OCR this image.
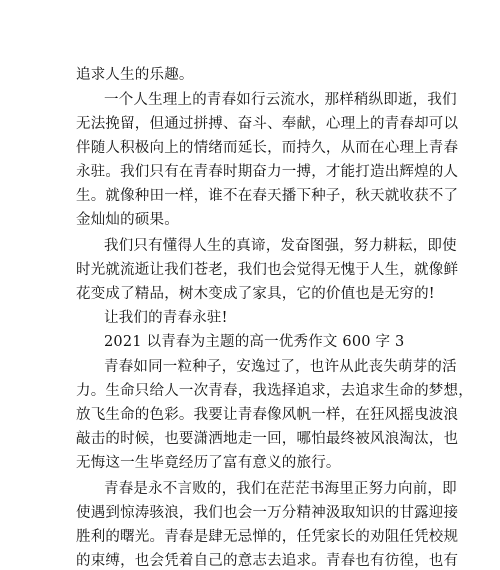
追求人生的乐趣。
一个人生理上的青春如行云流水，那样稍纵即逝，我们
无法挽留，但通过拼搏、奋斗、奉献，心理上的青春却可以
伴随人积极向上的情绪而延长，而持久，从而在心理上青春
永驻。我们只有在青春时期奋力一搏，才能打造出辉煌的人
生。就像种田一样，谁不在春天播下种子，秋天就收获不了
金灿灿的硕果。
我们只有懂得人生的真谛，发奋图强，努力耕耘，即使
时光就流逝让我们苍老，我们也会觉得无愧于人生，就像鲜
花变成了精品，树木变成了家具，它的价值也是无穷的!
让我们的青春永驻!
2021 以青春为主题的高一优秀作文 600 字 3
青春如同一粒种子，安逸过了，也许从此丧失萌芽的活
力。生命只给人一次青春，我选择追求，去追求生命的梦想，
放飞生命的色彩。我要让青春像风帆一样，在狂风摇曳波浪
敲击的时候，也要潇洒地走一回，哪怕最终被风浪淘汰，也
无悔这一生毕竟经历了富有意义的旅行。
青春是永不言败的，我们在茫茫书海里正努力向前，即
使遇到惊涛骇浪，我们也会一万分精神汲取知识的甘露迎接
胜利的曙光。青春是肆无忌惮的，任凭家长的劝阻任凭校规
的束缚，也会凭着自己的意志去追求。青春也有彷徨，也有
